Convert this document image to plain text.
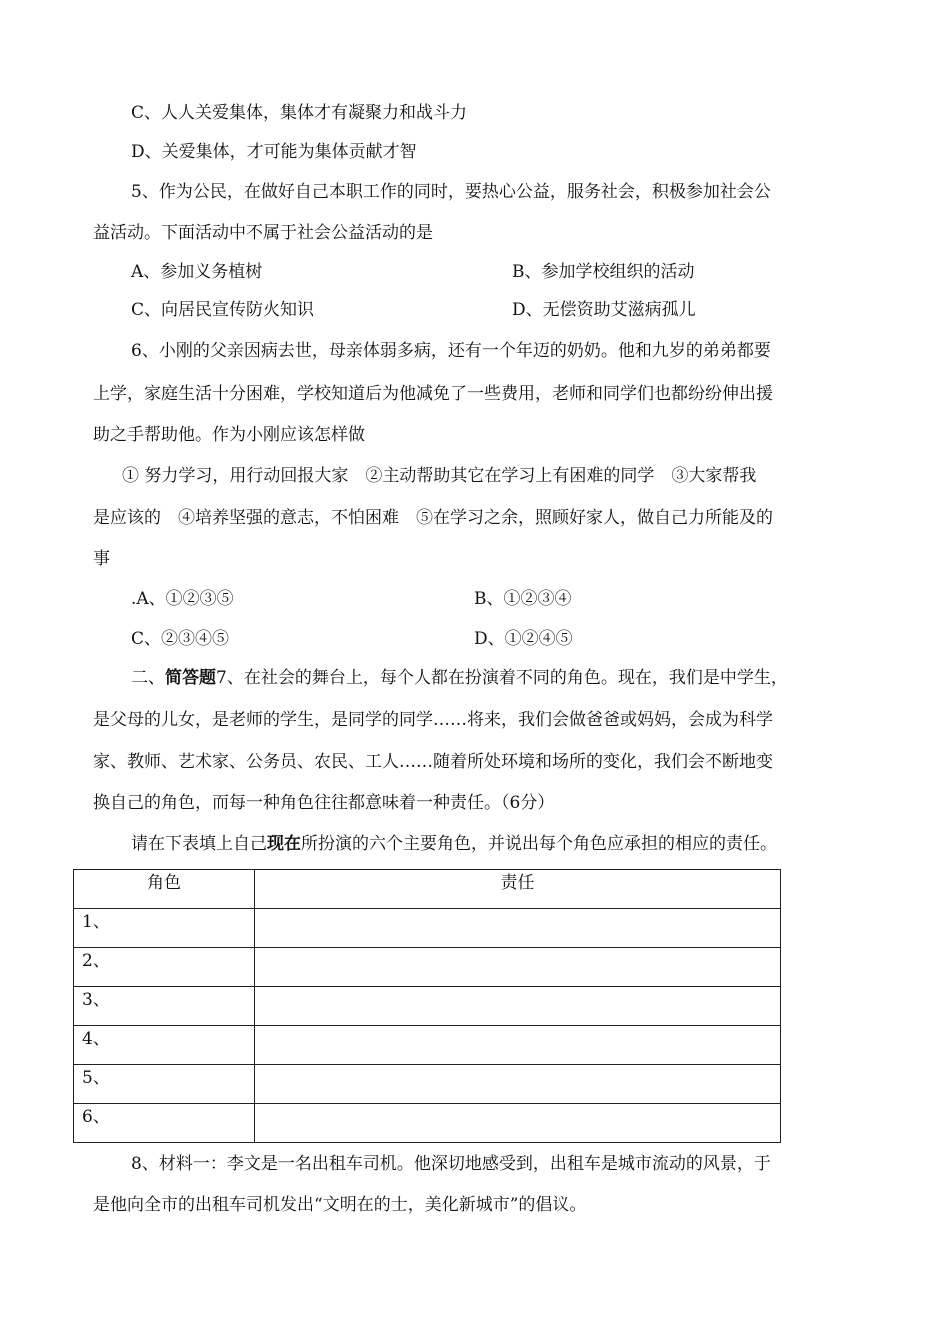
C、人人关爱集体，集体才有凝聚力和战斗力
D、关爱集体，才可能为集体贡献才智
5、作为公民，在做好自己本职工作的同时，要热心公益，服务社会，积极参加社会公
益活动。下面活动中不属于社会公益活动的是
A、参加义务植树	B、参加学校组织的活动
C、向居民宣传防火知识	D、无偿资助艾滋病孤儿
6、小刚的父亲因病去世，母亲体弱多病，还有一个年迈的奶奶。他和九岁的弟弟都要
上学，家庭生活十分困难，学校知道后为他减免了一些费用，老师和同学们也都纷纷伸出援
助之手帮助他。作为小刚应该怎样做
① 努力学习，用行动回报大家　②主动帮助其它在学习上有困难的同学　③大家帮我
是应该的　④培养坚强的意志，不怕困难　⑤在学习之余，照顾好家人，做自己力所能及的
事
.A、①②③⑤	B、①②③④
C、②③④⑤	D、①②④⑤
二、简答题7、在社会的舞台上，每个人都在扮演着不同的角色。现在，我们是中学生，
是父母的儿女，是老师的学生，是同学的同学……将来，我们会做爸爸或妈妈，会成为科学
家、教师、艺术家、公务员、农民、工人……随着所处环境和场所的变化，我们会不断地变
换自己的角色，而每一种角色往往都意味着一种责任。（6分）
请在下表填上自己现在所扮演的六个主要角色，并说出每个角色应承担的相应的责任。
角色	责任
1、	
2、	
3、	
4、	
5、	
6、	
8、材料一：李文是一名出租车司机。他深切地感受到，出租车是城市流动的风景，于
是他向全市的出租车司机发出“文明在的士，美化新城市”的倡议。
